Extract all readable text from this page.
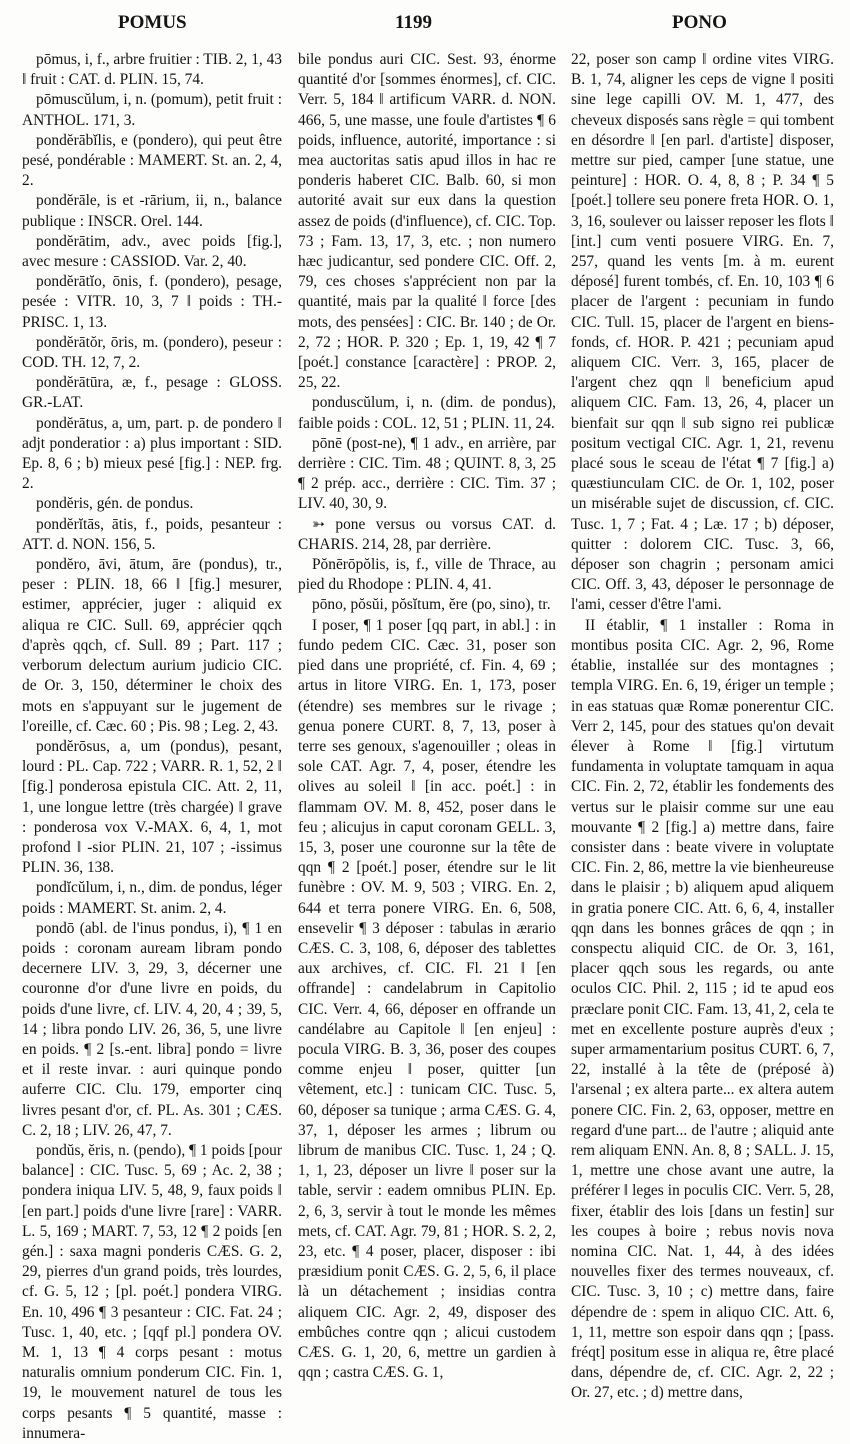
POMUS	1199	PONO

pōmus, i, f., arbre fruitier : TIB. 2, 1, 43 ‖ fruit : CAT. d. PLIN. 15, 74.

pōmuscŭlum, i, n. (pomum), petit fruit : ANTHOL. 171, 3.

pondĕrābĭlis, e (pondero), qui peut être pesé, pondérable : MAMERT. St. an. 2, 4, 2.

pondĕrāle, is et -rārium, ii, n., balance publique : INSCR. Orel. 144.

pondĕrātim, adv., avec poids [fig.], avec mesure : CASSIOD. Var. 2, 40.

pondĕrātĭo, ōnis, f. (pondero), pesage, pesée : VITR. 10, 3, 7 ‖ poids : TH.-PRISC. 1, 13.

pondĕrātŏr, ōris, m. (pondero), peseur : COD. TH. 12, 7, 2.

pondĕrātūra, æ, f., pesage : GLOSS. GR.-LAT.

pondĕrātus, a, um, part. p. de pondero ‖ adjt ponderatior : a) plus important : SID. Ep. 8, 6 ; b) mieux pesé [fig.] : NEP. frg. 2.

pondĕris, gén. de pondus.

pondĕrĭtās, ātis, f., poids, pesanteur : ATT. d. NON. 156, 5.

pondĕro, āvi, ātum, āre (pondus), tr., peser : PLIN. 18, 66 ‖ [fig.] mesurer, estimer, apprécier, juger : aliquid ex aliqua re CIC. Sull. 69, apprécier qqch d'après qqch, cf. Sull. 89 ; Part. 117 ; verborum delectum aurium judicio CIC. de Or. 3, 150, déterminer le choix des mots en s'appuyant sur le jugement de l'oreille, cf. Cæc. 60 ; Pis. 98 ; Leg. 2, 43.

pondĕrōsus, a, um (pondus), pesant, lourd : PL. Cap. 722 ; VARR. R. 1, 52, 2 ‖ [fig.] ponderosa epistula CIC. Att. 2, 11, 1, une longue lettre (très chargée) ‖ grave : ponderosa vox V.-MAX. 6, 4, 1, mot profond ‖ -sior PLIN. 21, 107 ; -issimus PLIN. 36, 138.

pondĭcŭlum, i, n., dim. de pondus, léger poids : MAMERT. St. anim. 2, 4.

pondō (abl. de l'inus pondus, i), ¶ 1 en poids : coronam auream libram pondo decernere LIV. 3, 29, 3, décerner une couronne d'or d'une livre en poids, du poids d'une livre, cf. LIV. 4, 20, 4 ; 39, 5, 14 ; libra pondo LIV. 26, 36, 5, une livre en poids. ¶ 2 [s.-ent. libra] pondo = livre et il reste invar. : auri quinque pondo auferre CIC. Clu. 179, emporter cinq livres pesant d'or, cf. PL. As. 301 ; CÆS. C. 2, 18 ; LIV. 26, 47, 7.

pondŭs, ĕris, n. (pendo), ¶ 1 poids [pour balance] : CIC. Tusc. 5, 69 ; Ac. 2, 38 ; pondera iniqua LIV. 5, 48, 9, faux poids ‖ [en part.] poids d'une livre [rare] : VARR. L. 5, 169 ; MART. 7, 53, 12 ¶ 2 poids [en gén.] : saxa magni ponderis CÆS. G. 2, 29, pierres d'un grand poids, très lourdes, cf. G. 5, 12 ; [pl. poét.] pondera VIRG. En. 10, 496 ¶ 3 pesanteur : CIC. Fat. 24 ; Tusc. 1, 40, etc. ; [qqf pl.] pondera OV. M. 1, 13 ¶ 4 corps pesant : motus naturalis omnium ponderum CIC. Fin. 1, 19, le mouvement naturel de tous les corps pesants ¶ 5 quantité, masse : innumera-

bile pondus auri CIC. Sest. 93, énorme quantité d'or [sommes énormes], cf. CIC. Verr. 5, 184 ‖ artificum VARR. d. NON. 466, 5, une masse, une foule d'artistes ¶ 6 poids, influence, autorité, importance : si mea auctoritas satis apud illos in hac re ponderis haberet CIC. Balb. 60, si mon autorité avait sur eux dans la question assez de poids (d'influence), cf. CIC. Top. 73 ; Fam. 13, 17, 3, etc. ; non numero hæc judicantur, sed pondere CIC. Off. 2, 79, ces choses s'apprécient non par la quantité, mais par la qualité ‖ force [des mots, des pensées] : CIC. Br. 140 ; de Or. 2, 72 ; HOR. P. 320 ; Ep. 1, 19, 42 ¶ 7 [poét.] constance [caractère] : PROP. 2, 25, 22.

ponduscŭlum, i, n. (dim. de pondus), faible poids : COL. 12, 51 ; PLIN. 11, 24.

pōnē (post-ne), ¶ 1 adv., en arrière, par derrière : CIC. Tim. 48 ; QUINT. 8, 3, 25 ¶ 2 prép. acc., derrière : CIC. Tim. 37 ; LIV. 40, 30, 9.

➳ pone versus ou vorsus CAT. d. CHARIS. 214, 28, par derrière.

Pŏnērōpŏlis, is, f., ville de Thrace, au pied du Rhodope : PLIN. 4, 41.

pōno, pŏsŭi, pŏsĭtum, ĕre (po, sino), tr.

I poser, ¶ 1 poser [qq part, in abl.] : in fundo pedem CIC. Cæc. 31, poser son pied dans une propriété, cf. Fin. 4, 69 ; artus in litore VIRG. En. 1, 173, poser (étendre) ses membres sur le rivage ; genua ponere CURT. 8, 7, 13, poser à terre ses genoux, s'agenouiller ; oleas in sole CAT. Agr. 7, 4, poser, étendre les olives au soleil ‖ [in acc. poét.] : in flammam OV. M. 8, 452, poser dans le feu ; alicujus in caput coronam GELL. 3, 15, 3, poser une couronne sur la tête de qqn ¶ 2 [poét.] poser, étendre sur le lit funèbre : OV. M. 9, 503 ; VIRG. En. 2, 644 et terra ponere VIRG. En. 6, 508, ensevelir ¶ 3 déposer : tabulas in ærario CÆS. C. 3, 108, 6, déposer des tablettes aux archives, cf. CIC. Fl. 21 ‖ [en offrande] : candelabrum in Capitolio CIC. Verr. 4, 66, déposer en offrande un candélabre au Capitole ‖ [en enjeu] : pocula VIRG. B. 3, 36, poser des coupes comme enjeu ‖ poser, quitter [un vêtement, etc.] : tunicam CIC. Tusc. 5, 60, déposer sa tunique ; arma CÆS. G. 4, 37, 1, déposer les armes ; librum ou librum de manibus CIC. Tusc. 1, 24 ; Q. 1, 1, 23, déposer un livre ‖ poser sur la table, servir : eadem omnibus PLIN. Ep. 2, 6, 3, servir à tout le monde les mêmes mets, cf. CAT. Agr. 79, 81 ; HOR. S. 2, 2, 23, etc. ¶ 4 poser, placer, disposer : ibi præsidium ponit CÆS. G. 2, 5, 6, il place là un détachement ; insidias contra aliquem CIC. Agr. 2, 49, disposer des embûches contre qqn ; alicui custodem CÆS. G. 1, 20, 6, mettre un gardien à qqn ; castra CÆS. G. 1,

22, poser son camp ‖ ordine vites VIRG. B. 1, 74, aligner les ceps de vigne ‖ positi sine lege capilli OV. M. 1, 477, des cheveux disposés sans règle = qui tombent en désordre ‖ [en parl. d'artiste] disposer, mettre sur pied, camper [une statue, une peinture] : HOR. O. 4, 8, 8 ; P. 34 ¶ 5 [poét.] tollere seu ponere freta HOR. O. 1, 3, 16, soulever ou laisser reposer les flots ‖ [int.] cum venti posuere VIRG. En. 7, 257, quand les vents [m. à m. eurent déposé] furent tombés, cf. En. 10, 103 ¶ 6 placer de l'argent : pecuniam in fundo CIC. Tull. 15, placer de l'argent en biens-fonds, cf. HOR. P. 421 ; pecuniam apud aliquem CIC. Verr. 3, 165, placer de l'argent chez qqn ‖ beneficium apud aliquem CIC. Fam. 13, 26, 4, placer un bienfait sur qqn ‖ sub signo rei publicæ positum vectigal CIC. Agr. 1, 21, revenu placé sous le sceau de l'état ¶ 7 [fig.] a) quæstiunculam CIC. de Or. 1, 102, poser un misérable sujet de discussion, cf. CIC. Tusc. 1, 7 ; Fat. 4 ; Læ. 17 ; b) déposer, quitter : dolorem CIC. Tusc. 3, 66, déposer son chagrin ; personam amici CIC. Off. 3, 43, déposer le personnage de l'ami, cesser d'être l'ami.

II établir, ¶ 1 installer : Roma in montibus posita CIC. Agr. 2, 96, Rome établie, installée sur des montagnes ; templa VIRG. En. 6, 19, ériger un temple ; in eas statuas quæ Romæ ponerentur CIC. Verr 2, 145, pour des statues qu'on devait élever à Rome ‖ [fig.] virtutum fundamenta in voluptate tamquam in aqua CIC. Fin. 2, 72, établir les fondements des vertus sur le plaisir comme sur une eau mouvante ¶ 2 [fig.] a) mettre dans, faire consister dans : beate vivere in voluptate CIC. Fin. 2, 86, mettre la vie bienheureuse dans le plaisir ; b) aliquem apud aliquem in gratia ponere CIC. Att. 6, 6, 4, installer qqn dans les bonnes grâces de qqn ; in conspectu aliquid CIC. de Or. 3, 161, placer qqch sous les regards, ou ante oculos CIC. Phil. 2, 115 ; id te apud eos præclare ponit CIC. Fam. 13, 41, 2, cela te met en excellente posture auprès d'eux ; super armamentarium positus CURT. 6, 7, 22, installé à la tête de (préposé à) l'arsenal ; ex altera parte... ex altera autem ponere CIC. Fin. 2, 63, opposer, mettre en regard d'une part... de l'autre ; aliquid ante rem aliquam ENN. An. 8, 8 ; SALL. J. 15, 1, mettre une chose avant une autre, la préférer ‖ leges in poculis CIC. Verr. 5, 28, fixer, établir des lois [dans un festin] sur les coupes à boire ; rebus novis nova nomina CIC. Nat. 1, 44, à des idées nouvelles fixer des termes nouveaux, cf. CIC. Tusc. 3, 10 ; c) mettre dans, faire dépendre de : spem in aliquo CIC. Att. 6, 1, 11, mettre son espoir dans qqn ; [pass. fréqt] positum esse in aliqua re, être placé dans, dépendre de, cf. CIC. Agr. 2, 22 ; Or. 27, etc. ; d) mettre dans,
